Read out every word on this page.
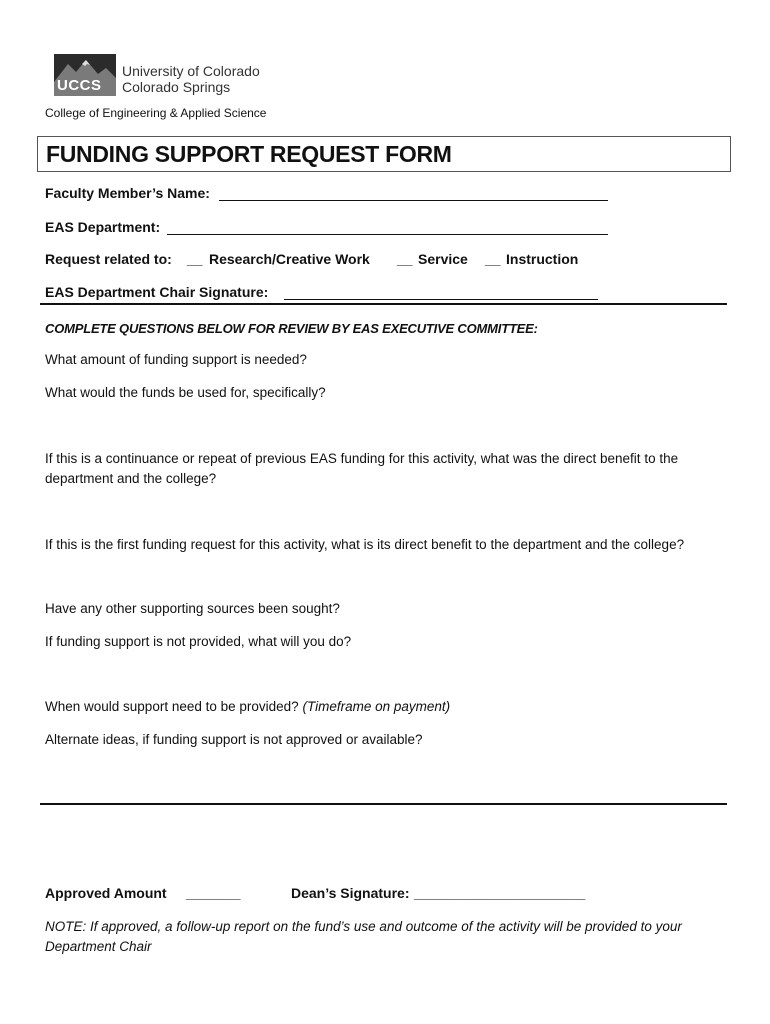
UCCS
University of Colorado
Colorado Springs
College of Engineering & Applied Science
FUNDING SUPPORT REQUEST FORM
Faculty Member’s Name:
EAS Department:
Request related to: __ Research/Creative Work __ Service __ Instruction
EAS Department Chair Signature:
COMPLETE QUESTIONS BELOW FOR REVIEW BY EAS EXECUTIVE COMMITTEE:
What amount of funding support is needed?
What would the funds be used for, specifically?
If this is a continuance or repeat of previous EAS funding for this activity, what was the direct benefit to the department and the college?
If this is the first funding request for this activity, what is its direct benefit to the department and the college?
Have any other supporting sources been sought?
If funding support is not provided, what will you do?
When would support need to be provided? (Timeframe on payment)
Alternate ideas, if funding support is not approved or available?
Approved Amount _______	Dean’s Signature: ______________________
NOTE: If approved, a follow-up report on the fund’s use and outcome of the activity will be provided to your Department Chair
